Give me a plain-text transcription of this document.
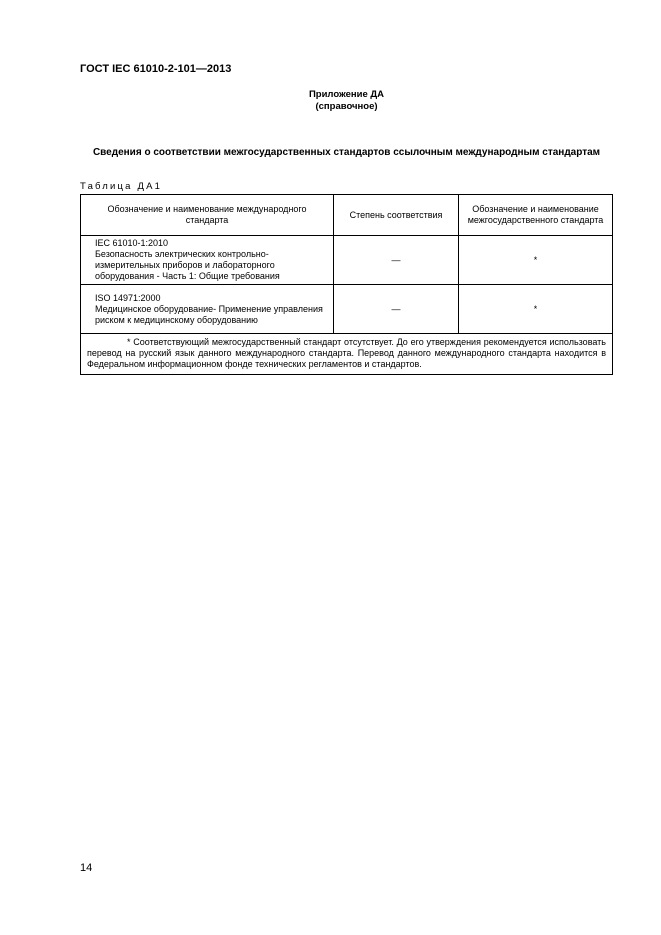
ГОСТ IEC 61010-2-101—2013
Приложение ДА
(справочное)
Сведения о соответствии межгосударственных стандартов ссылочным международным стандартам
Таблица ДА1
Обозначение и наименование международного стандарта	Степень соответствия	Обозначение и наименование межгосударственного стандарта

IEC 61010-1:2010
Безопасность электрических контрольно-измерительных приборов и лабораторного оборудования - Часть 1: Общие требования	—	*

ISO 14971:2000
Медицинское оборудование- Применение управления риском к медицинскому оборудованию	—	*
* Соответствующий межгосударственный стандарт отсутствует. До его утверждения рекомендуется использовать перевод на русский язык данного международного стандарта. Перевод данного международного стандарта находится в Федеральном информационном фонде технических регламентов и стандартов.		
14
